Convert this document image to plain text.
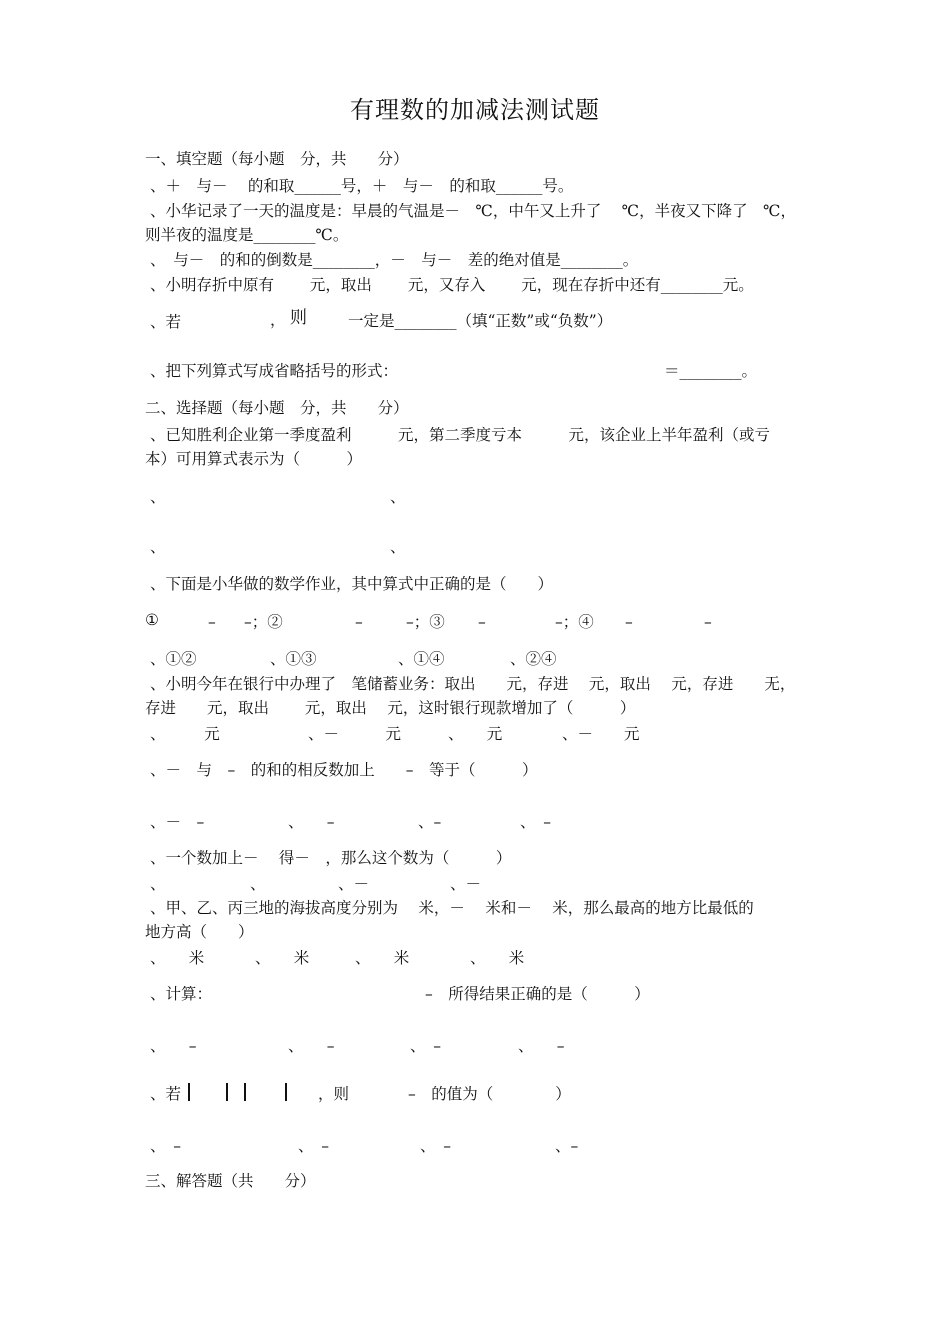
有理数的加减法测试题
一、填空题（每小题　分，共　　分）
、＋　与－　 的和取______号，＋　与－　的和取______号。
、小华记录了一天的温度是：早晨的气温是－　℃，中午又上升了　 ℃，半夜又下降了　℃，
则半夜的温度是________℃。
、　与－　的和的倒数是________，－　与－　差的绝对值是________。
、小明存折中原有　　 元，取出　　 元，又存入　　 元，现在存折中还有________元。
、若	， 则	一定是________（填“正数”或“负数”）
、把下列算式写成省略括号的形式：	＝________。
二、选择题（每小题　分，共　　分）
、已知胜利企业第一季度盈利　　　元，第二季度亏本　　　元，该企业上半年盈利（或亏
本）可用算式表示为（　　　）
、	、
、	、
、下面是小华做的数学作业，其中算式中正确的是（　　）
①	– –；②	–	–；③ –	–；④ –	–
、①②	、①③	、①④	、②④
、小明今年在银行中办理了　笔储蓄业务：取出　　元，存进　 元，取出　 元，存进　　无，
存进　　元，取出　　 元，取出　 元，这时银行现款增加了（　　　）
、　　　元	、－　　　元	、　　元	、－　　元
、－　与　–　的和的相反数加上　　–　等于（　　　）
、－　–	、　　–	、–	、　–
、一个数加上－　 得－　，那么这个数为（　　　）
、	、	、－	、－
、甲、乙、丙三地的海拔高度分别为　 米，－　 米和－　 米，那么最高的地方比最低的
地方高（　　）
、　　米	、　　米	、　　米	、　　米
、计算：	–　所得结果正确的是（　　　）
、　　–	、　　–	、　–	、　　–
、若	，则	–　的值为（　　　　）
、　–	、　–	、　–	、–
三、解答题（共　　分）
